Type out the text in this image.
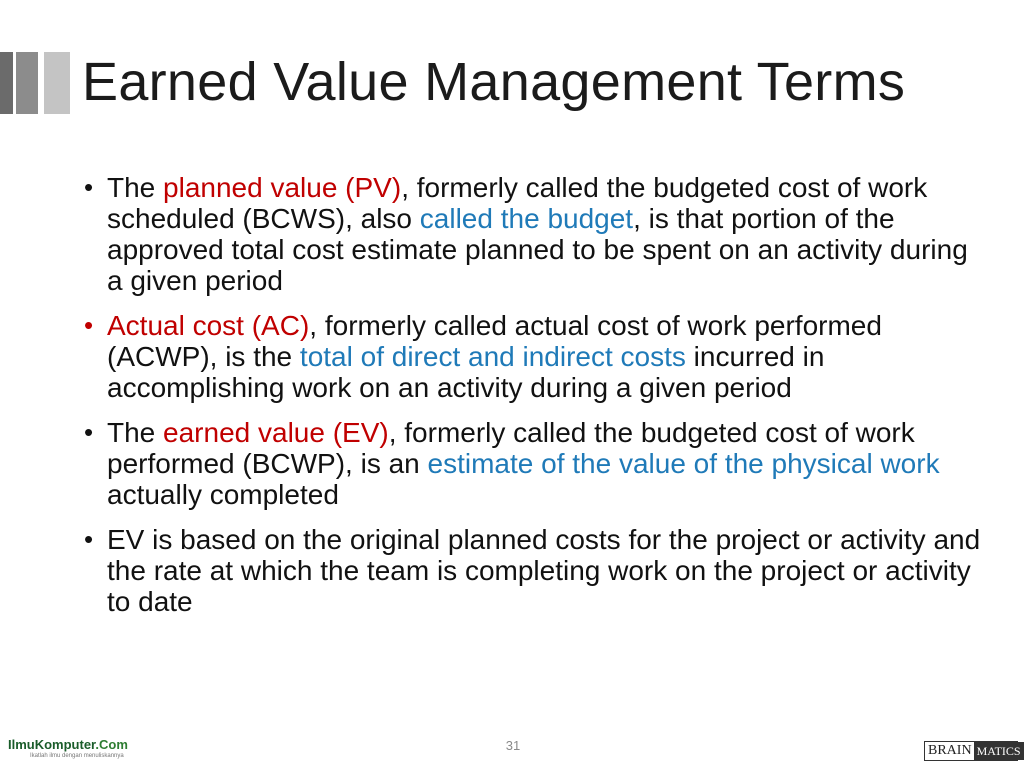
Earned Value Management Terms
• The planned value (PV), formerly called the budgeted cost of work scheduled (BCWS), also called the budget, is that portion of the approved total cost estimate planned to be spent on an activity during a given period
• Actual cost (AC), formerly called actual cost of work performed (ACWP), is the total of direct and indirect costs incurred in accomplishing work on an activity during a given period
• The earned value (EV), formerly called the budgeted cost of work performed (BCWP), is an estimate of the value of the physical work actually completed
• EV is based on the original planned costs for the project or activity and the rate at which the team is completing work on the project or activity to date
IlmuKomputer.Com
Ikatlah ilmu dengan menuliskannya
31	BRAIN MATICS
